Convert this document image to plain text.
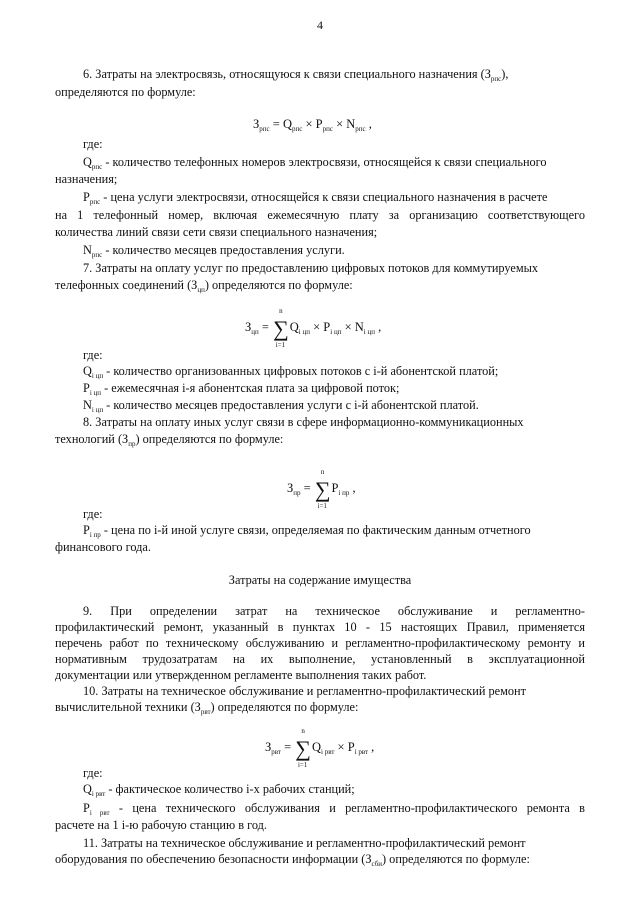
4
6. Затраты на электросвязь, относящуюся к связи специального назначения $(З_{рпс})$,
определяются по формуле:
$З_{рпс} = Q_{рпс} \times P_{рпс} \times N_{рпс}$ ,
где:
$Q_{рпс}$ - количество телефонных номеров электросвязи, относящейся к связи специального
назначения;
$P_{рпс}$ - цена услуги электросвязи, относящейся к связи специального назначения в расчете
на 1 телефонный номер, включая ежемесячную плату за организацию соответствующего
количества линий связи сети связи специального назначения;
$N_{рпс}$ - количество месяцев предоставления услуги.
7. Затраты на оплату услуг по предоставлению цифровых потоков для коммутируемых
телефонных соединений $(З_{цп})$ определяются по формуле:
$З_{цп}$ =
n
∑
i=1
$Q_{i цп} \times P_{i цп} \times N_{i цп}$ ,
где:
$Q_{i цп}$ - количество организованных цифровых потоков с i-й абонентской платой;
$P_{i цп}$ - ежемесячная i-я абонентская плата за цифровой поток;
$N_{i цп}$ - количество месяцев предоставления услуги с i-й абонентской платой.
8. Затраты на оплату иных услуг связи в сфере информационно-коммуникационных
технологий $(З_{пр})$ определяются по формуле:
$З_{пр}$ =
n
∑
i=1
$P_{i пр}$ ,
где:
$P_{i пр}$ - цена по i-й иной услуге связи, определяемая по фактическим данным отчетного
финансового года.
Затраты на содержание имущества
9. При определении затрат на техническое обслуживание и регламентно-
профилактический ремонт, указанный в пунктах 10 - 15 настоящих Правил, применяется
перечень работ по техническому обслуживанию и регламентно-профилактическому ремонту и
нормативным трудозатратам на их выполнение, установленный в эксплуатационной
документации или утвержденном регламенте выполнения таких работ.
10. Затраты на техническое обслуживание и регламентно-профилактический ремонт
вычислительной техники $(З_{рвт})$ определяются по формуле:
$З_{рвт}$ =
n
∑
i=1
$Q_{i рвт} \times P_{i рвт}$ ,
где:
$Q_{i рвт}$ - фактическое количество i-х рабочих станций;
$P_{i рвт}$ - цена технического обслуживания и регламентно-профилактического ремонта в
расчете на 1 i-ю рабочую станцию в год.
11. Затраты на техническое обслуживание и регламентно-профилактический ремонт
оборудования по обеспечению безопасности информации $(З_{сби})$ определяются по формуле:
